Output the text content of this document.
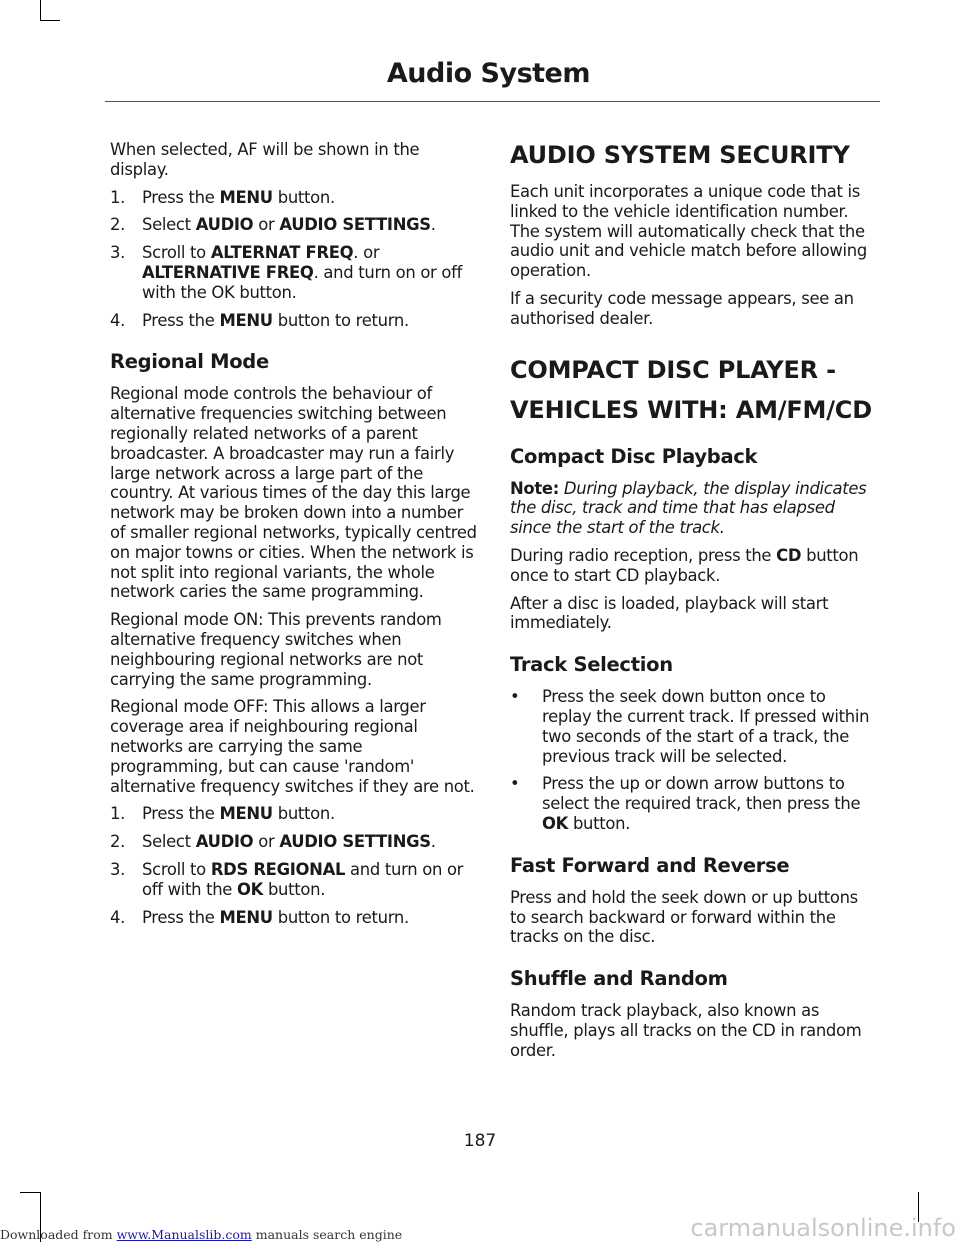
Audio System

When selected, AF will be shown in the display.

1. Press the MENU button.
2. Select AUDIO or AUDIO SETTINGS.
3. Scroll to ALTERNAT FREQ. or ALTERNATIVE FREQ. and turn on or off with the OK button.
4. Press the MENU button to return.
Regional Mode

Regional mode controls the behaviour of alternative frequencies switching between regionally related networks of a parent broadcaster. A broadcaster may run a fairly large network across a large part of the country. At various times of the day this large network may be broken down into a number of smaller regional networks, typically centred on major towns or cities. When the network is not split into regional variants, the whole network caries the same programming.

Regional mode ON: This prevents random alternative frequency switches when neighbouring regional networks are not carrying the same programming.

Regional mode OFF: This allows a larger coverage area if neighbouring regional networks are carrying the same programming, but can cause 'random' alternative frequency switches if they are not.

1. Press the MENU button.
2. Select AUDIO or AUDIO SETTINGS.
3. Scroll to RDS REGIONAL and turn on or off with the OK button.
4. Press the MENU button to return.
AUDIO SYSTEM SECURITY

Each unit incorporates a unique code that is linked to the vehicle identification number. The system will automatically check that the audio unit and vehicle match before allowing operation.

If a security code message appears, see an authorised dealer.

COMPACT DISC PLAYER -
VEHICLES WITH: AM/FM/CD
Compact Disc Playback

Note: During playback, the display indicates the disc, track and time that has elapsed since the start of the track.

During radio reception, press the CD button once to start CD playback.

After a disc is loaded, playback will start immediately.

Track Selection
• Press the seek down button once to replay the current track. If pressed within two seconds of the start of a track, the previous track will be selected.
• Press the up or down arrow buttons to select the required track, then press the OK button.
Fast Forward and Reverse

Press and hold the seek down or up buttons to search backward or forward within the tracks on the disc.

Shuffle and Random

Random track playback, also known as shuffle, plays all tracks on the CD in random order.

187
Downloaded from www.Manualslib.com manuals search engine	carmanualsonline.info
